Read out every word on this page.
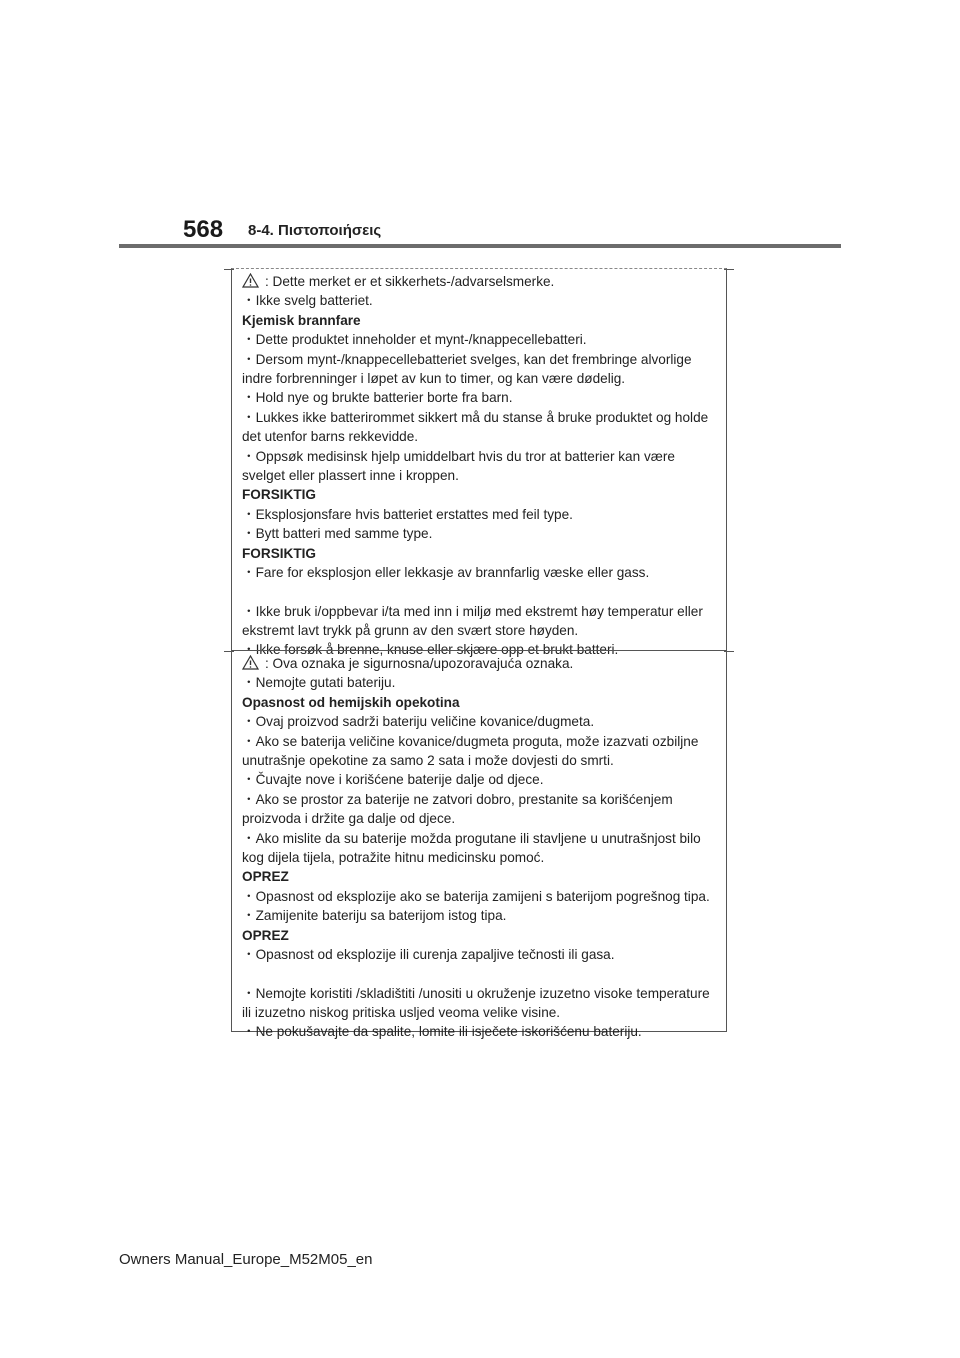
568 8-4. Πιστοποιήσεις
: Dette merket er et sikkerhets-/advarselsmerke.
・Ikke svelg batteriet.
Kjemisk brannfare
・Dette produktet inneholder et mynt-/knappecellebatteri.
・Dersom mynt-/knappecellebatteriet svelges, kan det frembringe alvorlige
indre forbrenninger i løpet av kun to timer, og kan være dødelig.
・Hold nye og brukte batterier borte fra barn.
・Lukkes ikke batterirommet sikkert må du stanse å bruke produktet og holde
det utenfor barns rekkevidde.
・Oppsøk medisinsk hjelp umiddelbart hvis du tror at batterier kan være
svelget eller plassert inne i kroppen.
FORSIKTIG
・Eksplosjonsfare hvis batteriet erstattes med feil type.
・Bytt batteri med samme type.
FORSIKTIG
・Fare for eksplosjon eller lekkasje av brannfarlig væske eller gass.
・Ikke bruk i/oppbevar i/ta med inn i miljø med ekstremt høy temperatur eller
ekstremt lavt trykk på grunn av den svært store høyden.
・Ikke forsøk å brenne, knuse eller skjære opp et brukt batteri.
: Ova oznaka je sigurnosna/upozoravajuća oznaka.
・Nemojte gutati bateriju.
Opasnost od hemijskih opekotina
・Ovaj proizvod sadrži bateriju veličine kovanice/dugmeta.
・Ako se baterija veličine kovanice/dugmeta proguta, može izazvati ozbiljne
unutrašnje opekotine za samo 2 sata i može dovjesti do smrti.
・Čuvajte nove i korišćene baterije dalje od djece.
・Ako se prostor za baterije ne zatvori dobro, prestanite sa korišćenjem
proizvoda i držite ga dalje od djece.
・Ako mislite da su baterije možda progutane ili stavljene u unutrašnjost bilo
kog dijela tijela, potražite hitnu medicinsku pomoć.
OPREZ
・Opasnost od eksplozije ako se baterija zamijeni s baterijom pogrešnog tipa.
・Zamijenite bateriju sa baterijom istog tipa.
OPREZ
・Opasnost od eksplozije ili curenja zapaljive tečnosti ili gasa.
・Nemojte koristiti /skladištiti /unositi u okruženje izuzetno visoke temperature
ili izuzetno niskog pritiska usljed veoma velike visine.
・Ne pokušavajte da spalite, lomite ili isječete iskorišćenu bateriju.
Owners Manual_Europe_M52M05_en
